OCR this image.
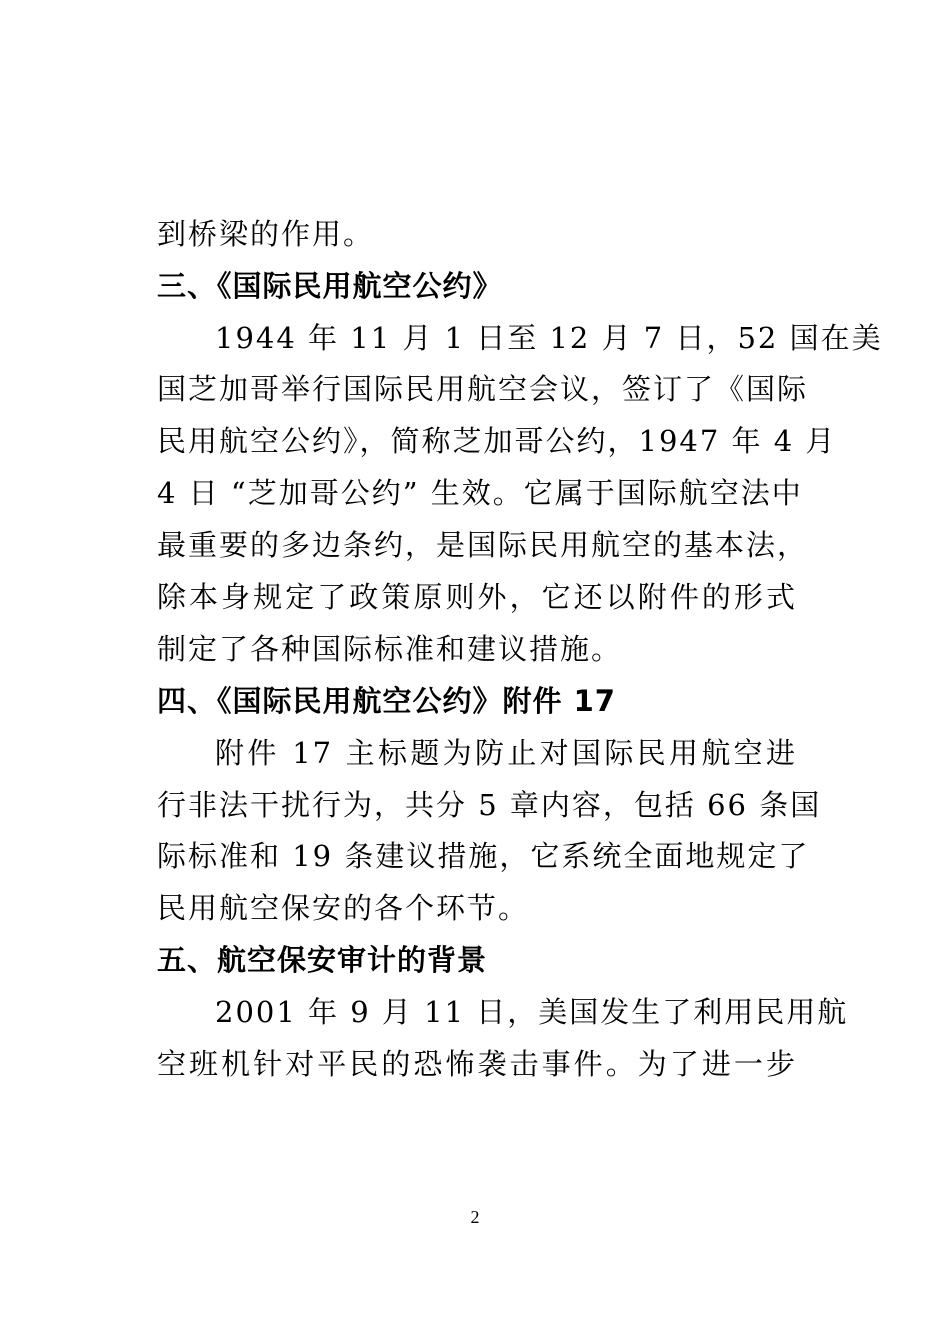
到桥梁的作用。
三、《国际民用航空公约》
1944 年 11 月 1 日至 12 月 7 日，52 国在美
国芝加哥举行国际民用航空会议，签订了《国际
民用航空公约》，简称芝加哥公约，1947 年 4 月
4 日 “芝加哥公约” 生效。它属于国际航空法中
最重要的多边条约，是国际民用航空的基本法，
除本身规定了政策原则外，它还以附件的形式
制定了各种国际标准和建议措施。
四、《国际民用航空公约》附件 17
附件 17 主标题为防止对国际民用航空进
行非法干扰行为，共分 5 章内容，包括 66 条国
际标准和 19 条建议措施，它系统全面地规定了
民用航空保安的各个环节。
五、航空保安审计的背景
2001 年 9 月 11 日，美国发生了利用民用航
空班机针对平民的恐怖袭击事件。为了进一步
2
